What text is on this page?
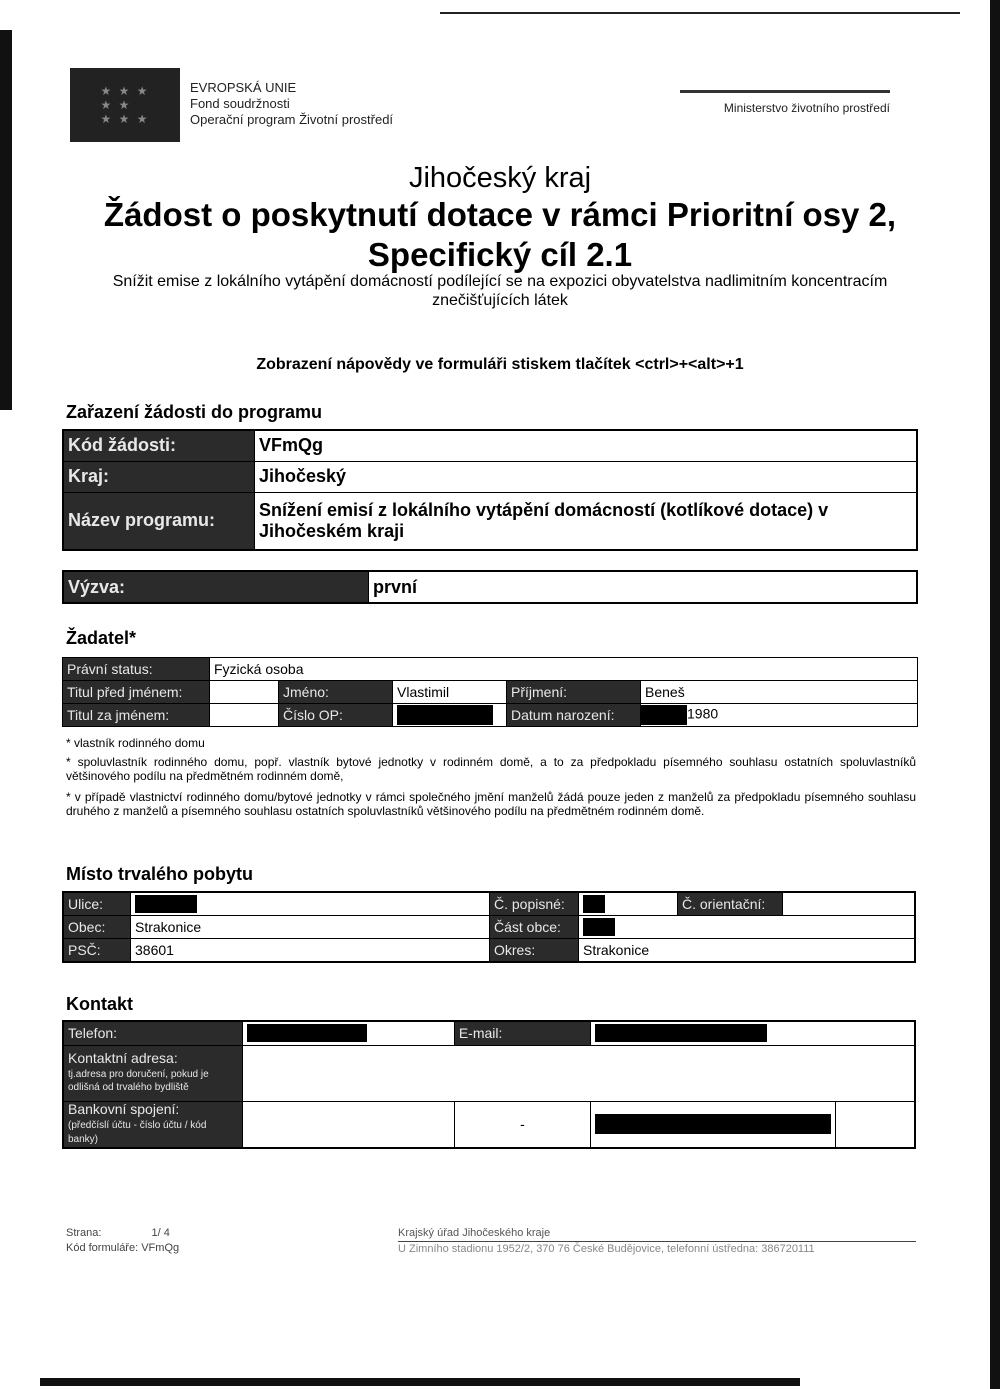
★ ★ ★
★ ★
★ ★ ★
EVROPSKÁ UNIE
Fond soudržnosti
Operační program Životní prostředí
Ministerstvo životního prostředí
Jihočeský kraj
Žádost o poskytnutí dotace v rámci Prioritní osy 2,
Specifický cíl 2.1
Snížit emise z lokálního vytápění domácností podílející se na expozici obyvatelstva nadlimitním koncentracím znečišťujících látek
Zobrazení nápovědy ve formuláři stiskem tlačítek <ctrl>+<alt>+1
Zařazení žádosti do programu
Kód žádosti:	VFmQg
Kraj:	Jihočeský
Název programu:	Snížení emisí z lokálního vytápění domácností (kotlíkové dotace) v Jihočeském kraji
Výzva:	první
Žadatel*
Právní status:	Fyzická osoba				
Titul před jménem:		Jméno:	Vlastimil	Příjmení:	Beneš
Titul za jménem:		Číslo OP:		Datum narození:	1980
* vlastník rodinného domu
* spoluvlastník rodinného domu, popř. vlastník bytové jednotky v rodinném domě, a to za předpokladu písemného souhlasu ostatních spoluvlastníků většinového podílu na předmětném rodinném domě,
* v případě vlastnictví rodinného domu/bytové jednotky v rámci společného jmění manželů žádá pouze jeden z manželů za předpokladu písemného souhlasu druhého z manželů a písemného souhlasu ostatních spoluvlastníků většinového podílu na předmětném rodinném domě.
Místo trvalého pobytu
Ulice:		Č. popisné:		Č. orientační:	
Obec:	Strakonice	Část obce:			
PSČ:	38601	Okres:	Strakonice		
Kontakt
Telefon:		E-mail:		

Kontaktní adresa:
tj.adresa pro doručení, pokud je odlišná od trvalého bydliště				

Bankovní spojení:
(předčíslí účtu - číslo účtu / kód banky)		-		
Strana:	1/ 4
Kód formuláře: VFmQg
Krajský úřad Jihočeského kraje
U Zimního stadionu 1952/2, 370 76 České Budějovice, telefonní ústředna: 386720111
